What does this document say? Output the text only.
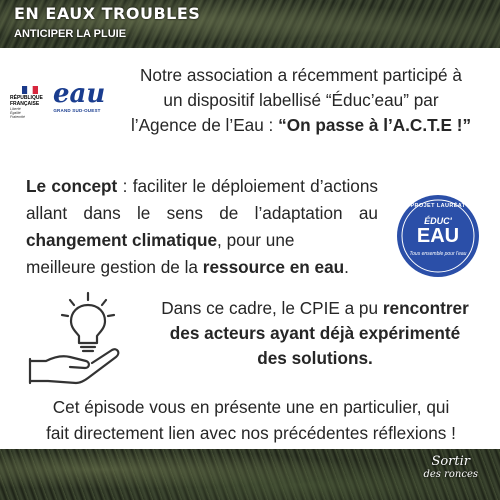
EN EAUX TROUBLES
ANTICIPER LA PLUIE
RÉPUBLIQUE
FRANÇAISE
Liberté
Égalité
Fraternité
eau
GRAND SUD-OUEST
Notre association a récemment participé à
un dispositif labellisé “Éduc’eau” par
l’Agence de l’Eau : “On passe à l’A.C.T.E !”
Le concept : faciliter le déploiement d’actions allant dans le sens de l’adaptation au changement climatique, pour une
meilleure gestion de la ressource en eau.
PROJET LAURÉAT
ÉDUC'
EAU
Tous ensemble pour l'eau
Dans ce cadre, le CPIE a pu rencontrer
des acteurs ayant déjà expérimenté
des solutions.
Cet épisode vous en présente une en particulier, qui
fait directement lien avec nos précédentes réflexions !
Sortir
des ronces
